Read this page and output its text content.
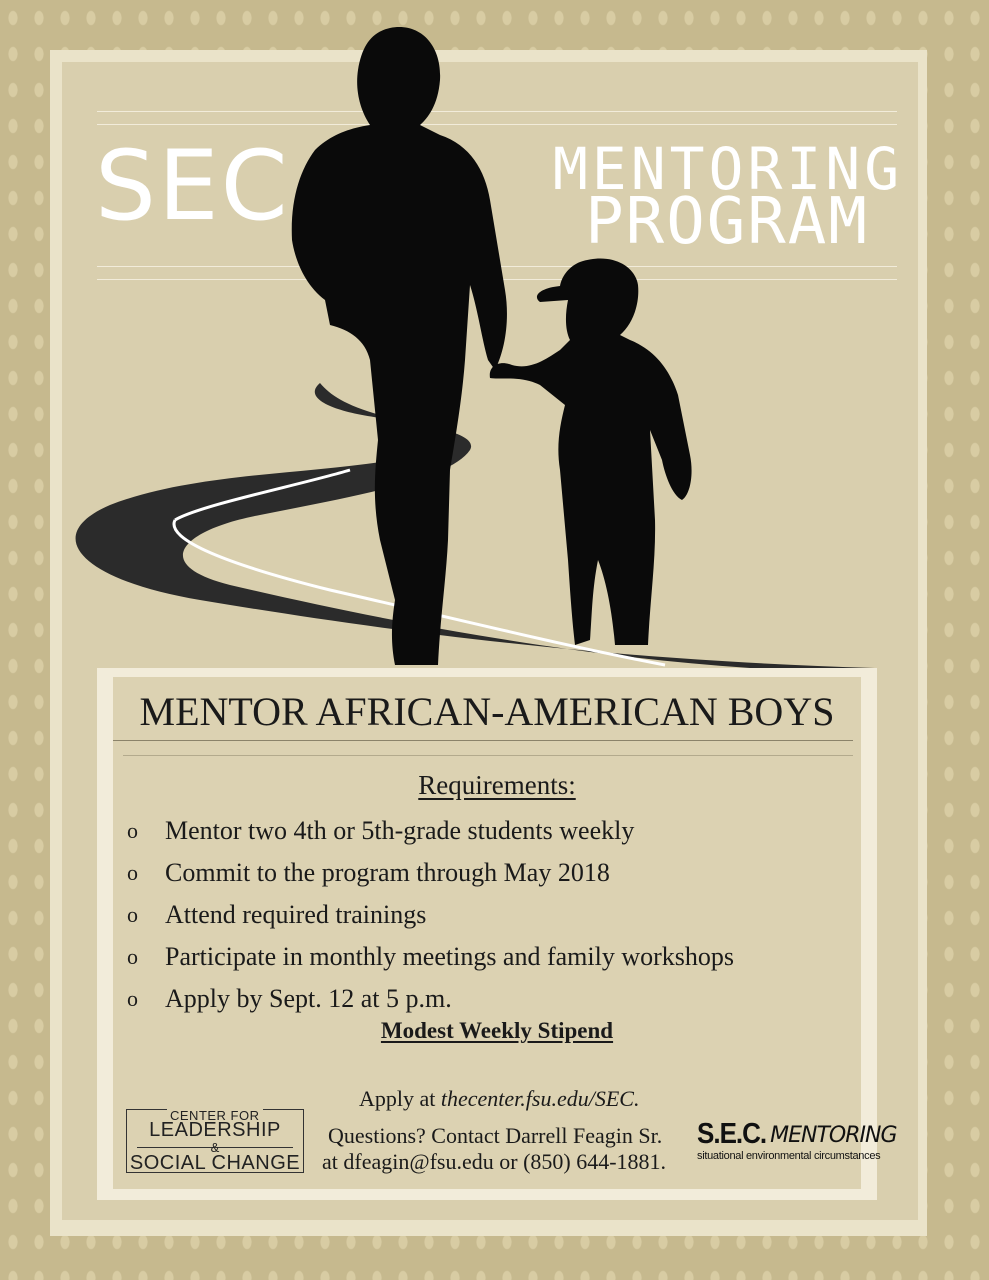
SEC	MENTORING
PROGRAM
MENTOR AFRICAN-AMERICAN BOYS
Requirements:
o	Mentor two 4th or 5th-grade students weekly
o	Commit to the program through May 2018
o	Attend required trainings
o	Participate in monthly meetings and family workshops
o	Apply by Sept. 12 at 5 p.m.
Modest Weekly Stipend
Apply at thecenter.fsu.edu/SEC.
Questions? Contact Darrell Feagin Sr.
at dfeagin@fsu.edu or (850) 644-1881.
CENTER FOR
LEADERSHIP
&
SOCIAL CHANGE
S.E.C. MENTORING
situational environmental circumstances
